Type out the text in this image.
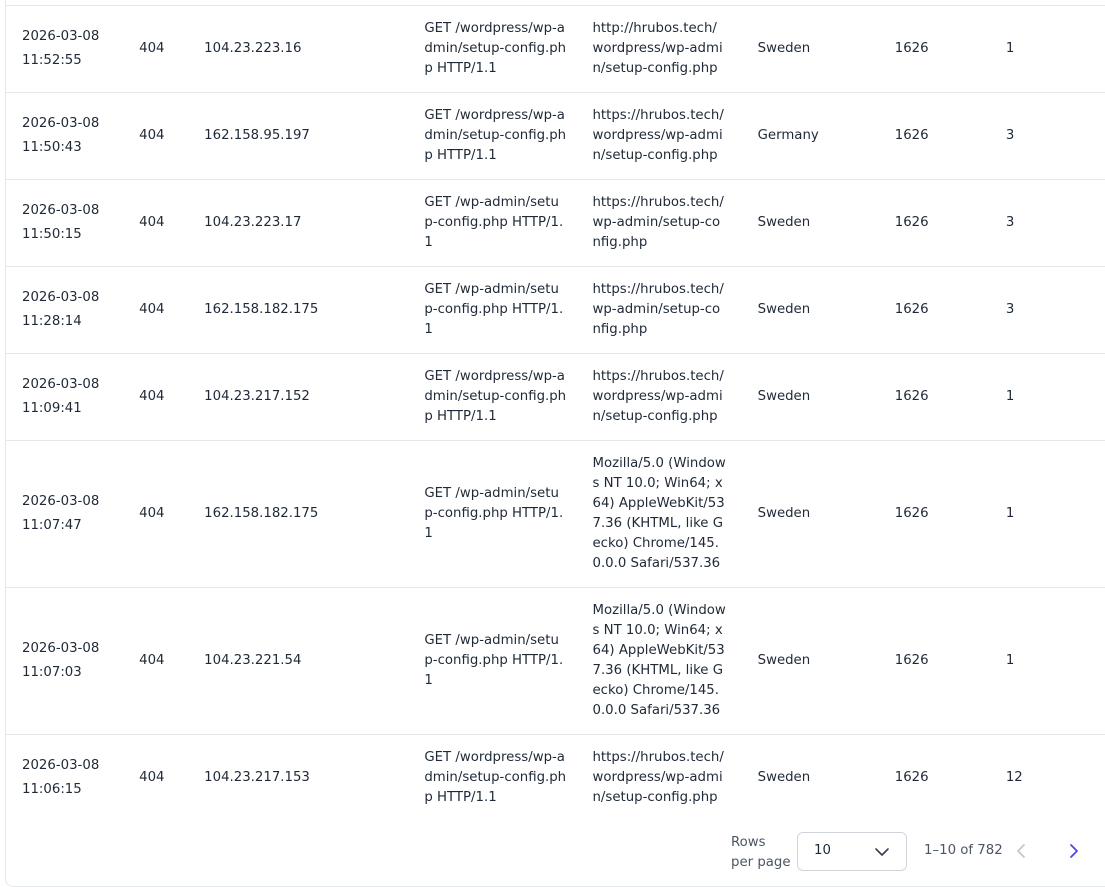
2026-03-08
11:52:55	404	104.23.223.16	GET /wordpress/wp-admin/setup-config.php HTTP/1.1	http://hrubos.tech/wordpress/wp-admin/setup-config.php	Sweden	1626	1

2026-03-08
11:50:43	404	162.158.95.197	GET /wordpress/wp-admin/setup-config.php HTTP/1.1	https://hrubos.tech/wordpress/wp-admin/setup-config.php	Germany	1626	3

2026-03-08
11:50:15	404	104.23.223.17	GET /wp-admin/setup-config.php HTTP/1.1	https://hrubos.tech/wp-admin/setup-config.php	Sweden	1626	3

2026-03-08
11:28:14	404	162.158.182.175	GET /wp-admin/setup-config.php HTTP/1.1	https://hrubos.tech/wp-admin/setup-config.php	Sweden	1626	3

2026-03-08
11:09:41	404	104.23.217.152	GET /wordpress/wp-admin/setup-config.php HTTP/1.1	https://hrubos.tech/wordpress/wp-admin/setup-config.php	Sweden	1626	1

2026-03-08
11:07:47	404	162.158.182.175	GET /wp-admin/setup-config.php HTTP/1.1	Mozilla/5.0 (Windows NT 10.0; Win64; x64) AppleWebKit/537.36 (KHTML, like Gecko) Chrome/145.0.0.0 Safari/537.36	Sweden	1626	1

2026-03-08
11:07:03	404	104.23.221.54	GET /wp-admin/setup-config.php HTTP/1.1	Mozilla/5.0 (Windows NT 10.0; Win64; x64) AppleWebKit/537.36 (KHTML, like Gecko) Chrome/145.0.0.0 Safari/537.36	Sweden	1626	1

2026-03-08
11:06:15	404	104.23.217.153	GET /wordpress/wp-admin/setup-config.php HTTP/1.1	https://hrubos.tech/wordpress/wp-admin/setup-config.php	Sweden	1626	12
Rows per page
10	1–10 of 782
